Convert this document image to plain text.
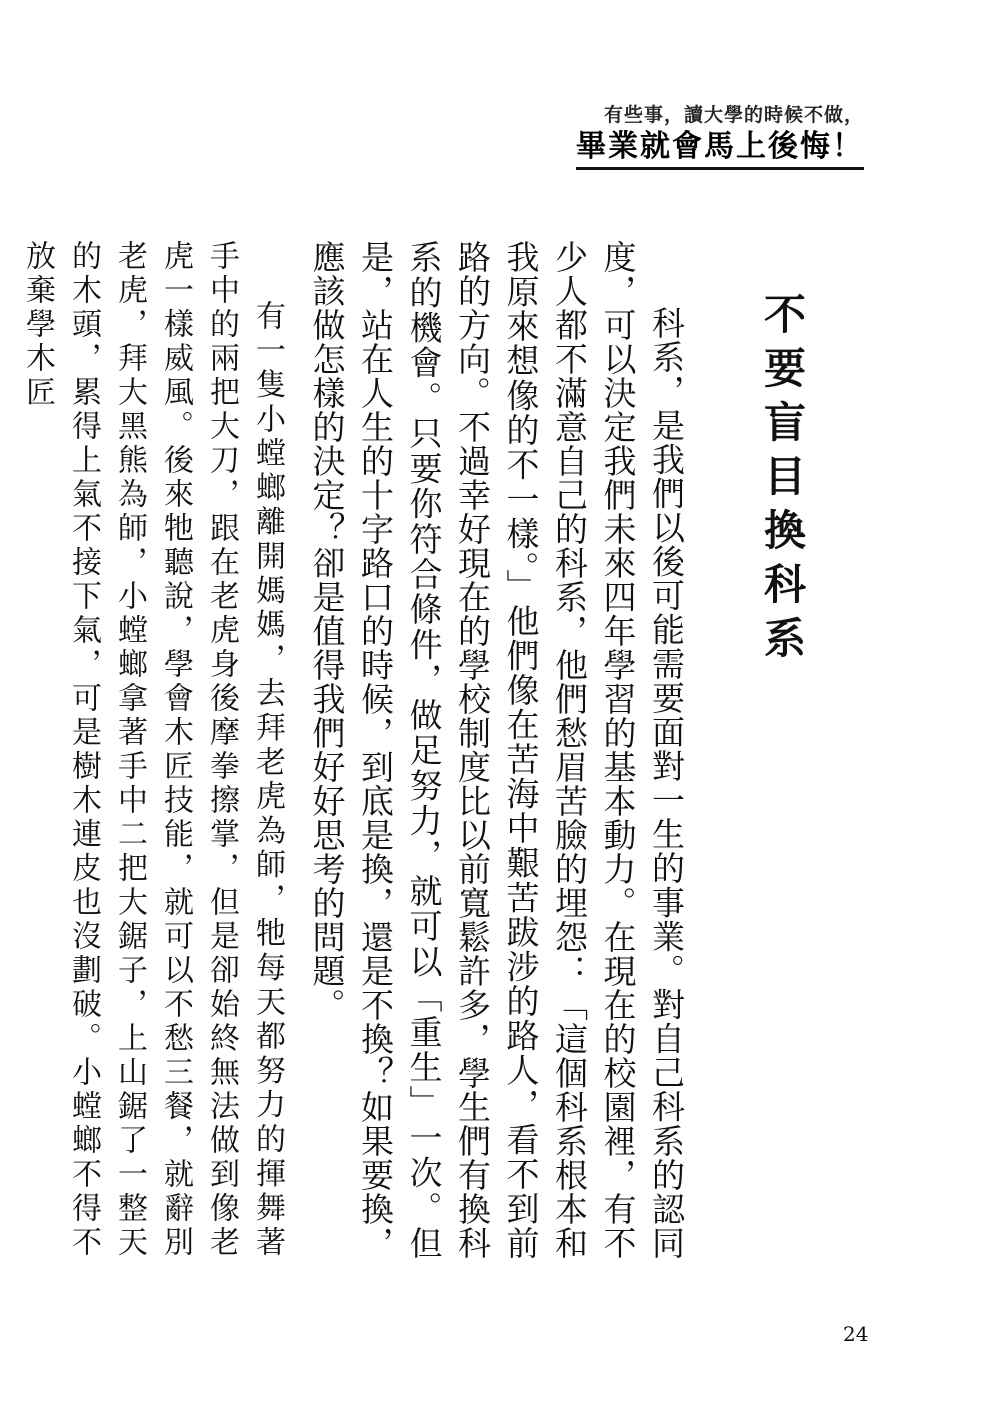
有些事，讀大學的時候不做，
畢業就會馬上後悔！
不要盲目換科系

科系，是我們以後可能需要面對一生的事業。對自己科系的認同度，可以決定我們未來四年學習的基本動力。在現在的校園裡，有不少人都不滿意自己的科系，他們愁眉苦臉的埋怨：「這個科系根本和我原來想像的不一樣。」他們像在苦海中艱苦跋涉的路人，看不到前路的方向。不過幸好現在的學校制度比以前寬鬆許多，學生們有換科系的機會。只要你符合條件，做足努力，就可以「重生」一次。但是，站在人生的十字路口的時候，到底是換，還是不換？如果要換，應該做怎樣的決定？卻是值得我們好好思考的問題。

有一隻小螳螂離開媽媽，去拜老虎為師，牠每天都努力的揮舞著手中的兩把大刀，跟在老虎身後摩拳擦掌，但是卻始終無法做到像老虎一樣威風。後來牠聽說，學會木匠技能，就可以不愁三餐，就辭別老虎，拜大黑熊為師，小螳螂拿著手中二把大鋸子，上山鋸了一整天的木頭，累得上氣不接下氣，可是樹木連皮也沒劃破。小螳螂不得不放棄學木匠

24
